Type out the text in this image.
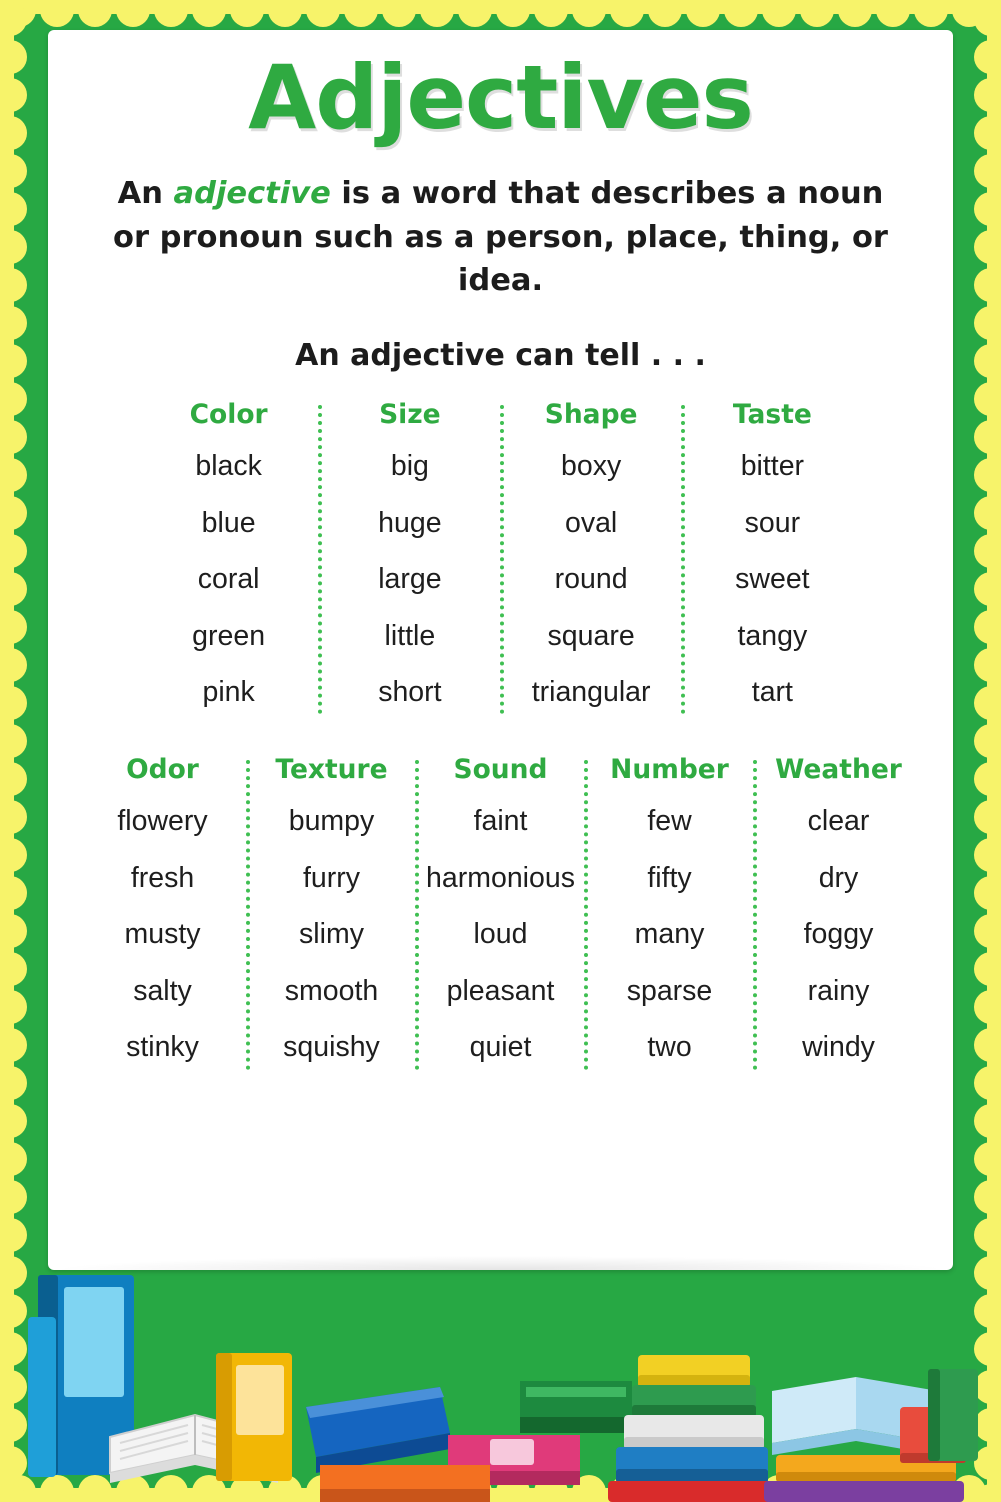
Adjectives
An adjective is a word that describes a noun or pronoun such as a person, place, thing, or idea.
An adjective can tell . . .
Color
black
blue
coral
green
pink
Size
big
huge
large
little
short
Shape
boxy
oval
round
square
triangular
Taste
bitter
sour
sweet
tangy
tart
Odor
flowery
fresh
musty
salty
stinky
Texture
bumpy
furry
slimy
smooth
squishy
Sound
faint
harmonious
loud
pleasant
quiet
Number
few
fifty
many
sparse
two
Weather
clear
dry
foggy
rainy
windy
